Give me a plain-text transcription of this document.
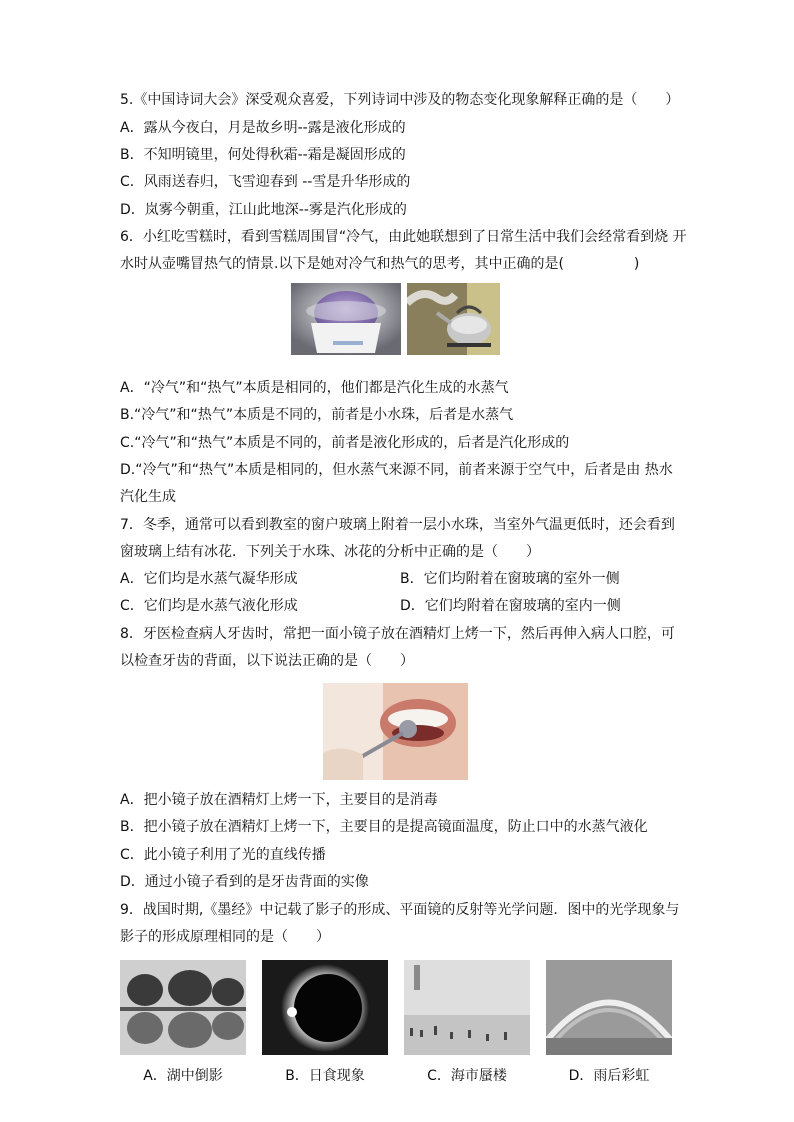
5.《中国诗词大会》深受观众喜爱，下列诗词中涉及的物态变化现象解释正确的是（　　）
A．露从今夜白，月是故乡明--露是液化形成的
B．不知明镜里，何处得秋霜--霜是凝固形成的
C．风雨送春归，飞雪迎春到 --雪是升华形成的
D．岚雾今朝重，江山此地深--雾是汽化形成的
6．小红吃雪糕时，看到雪糕周围冒“冷气，由此她联想到了日常生活中我们会经常看到烧 开
水时从壶嘴冒热气的情景.以下是她对冷气和热气的思考，其中正确的是(　　　　　)
A．“冷气”和“热气”本质是相同的，他们都是汽化生成的水蒸气
B.“冷气”和“热气”本质是不同的，前者是小水珠，后者是水蒸气
C.“冷气”和“热气”本质是不同的，前者是液化形成的，后者是汽化形成的
D.“冷气”和“热气”本质是相同的，但水蒸气来源不同，前者来源于空气中，后者是由 热水
汽化生成
7．冬季，通常可以看到教室的窗户玻璃上附着一层小水珠，当室外气温更低时，还会看到
窗玻璃上结有冰花．下列关于水珠、冰花的分析中正确的是（　　）
A．它们均是水蒸气凝华形成	B．它们均附着在窗玻璃的室外一侧
C．它们均是水蒸气液化形成	D．它们均附着在窗玻璃的室内一侧
8．牙医检查病人牙齿时，常把一面小镜子放在酒精灯上烤一下，然后再伸入病人口腔，可
以检查牙齿的背面，以下说法正确的是（　　）
A．把小镜子放在酒精灯上烤一下，主要目的是消毒
B．把小镜子放在酒精灯上烤一下，主要目的是提高镜面温度，防止口中的水蒸气液化
C．此小镜子利用了光的直线传播
D．通过小镜子看到的是牙齿背面的实像
9．战国时期,《墨经》中记载了影子的形成、平面镜的反射等光学问题．图中的光学现象与
影子的形成原理相同的是（　　）
A．湖中倒影	B．日食现象	C．海市蜃楼	D．雨后彩虹
